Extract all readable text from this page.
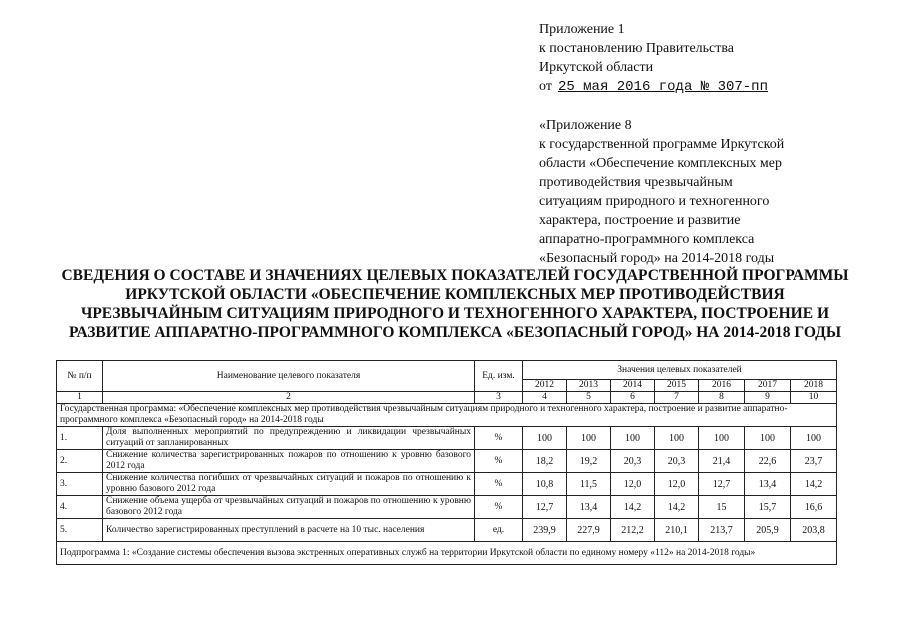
Приложение 1
к постановлению Правительства
Иркутской области
от 25 мая 2016 года № 307-пп
«Приложение 8
к государственной программе Иркутской
области «Обеспечение комплексных мер
противодействия чрезвычайным
ситуациям природного и техногенного
характера, построение и развитие
аппаратно-программного комплекса
«Безопасный город» на 2014-2018 годы
СВЕДЕНИЯ О СОСТАВЕ И ЗНАЧЕНИЯХ ЦЕЛЕВЫХ ПОКАЗАТЕЛЕЙ ГОСУДАРСТВЕННОЙ ПРОГРАММЫ
ИРКУТСКОЙ ОБЛАСТИ «ОБЕСПЕЧЕНИЕ КОМПЛЕКСНЫХ МЕР ПРОТИВОДЕЙСТВИЯ
ЧРЕЗВЫЧАЙНЫМ СИТУАЦИЯМ ПРИРОДНОГО И ТЕХНОГЕННОГО ХАРАКТЕРА, ПОСТРОЕНИЕ И
РАЗВИТИЕ АППАРАТНО-ПРОГРАММНОГО КОМПЛЕКСА «БЕЗОПАСНЫЙ ГОРОД» НА 2014-2018 ГОДЫ
№ п/п	Наименование целевого показателя	Ед. изм.	Значения целевых показателей						
			2012	2013	2014	2015	2016	2017	2018
1	2	3	4	5	6	7	8	9	10
Государственная программа: «Обеспечение комплексных мер противодействия чрезвычайным ситуациям природного и техногенного характера, построение и развитие аппаратно-программного комплекса «Безопасный город» на 2014-2018 годы									
1.	Доля выполненных мероприятий по предупреждению и ликвидации чрезвычайных ситуаций от запланированных	%	100	100	100	100	100	100	100
2.	Снижение количества зарегистрированных пожаров по отношению к уровню базового 2012 года	%	18,2	19,2	20,3	20,3	21,4	22,6	23,7
3.	Снижение количества погибших от чрезвычайных ситуаций и пожаров по отношению к уровню базового 2012 года	%	10,8	11,5	12,0	12,0	12,7	13,4	14,2
4.	Снижение объема ущерба от чрезвычайных ситуаций и пожаров по отношению к уровню базового 2012 года	%	12,7	13,4	14,2	14,2	15	15,7	16,6
5.	Количество зарегистрированных преступлений в расчете на 10 тыс. населения	ед.	239,9	227,9	212,2	210,1	213,7	205,9	203,8
Подпрограмма 1: «Создание системы обеспечения вызова экстренных оперативных служб на территории Иркутской области по единому номеру «112» на 2014-2018 годы»									
